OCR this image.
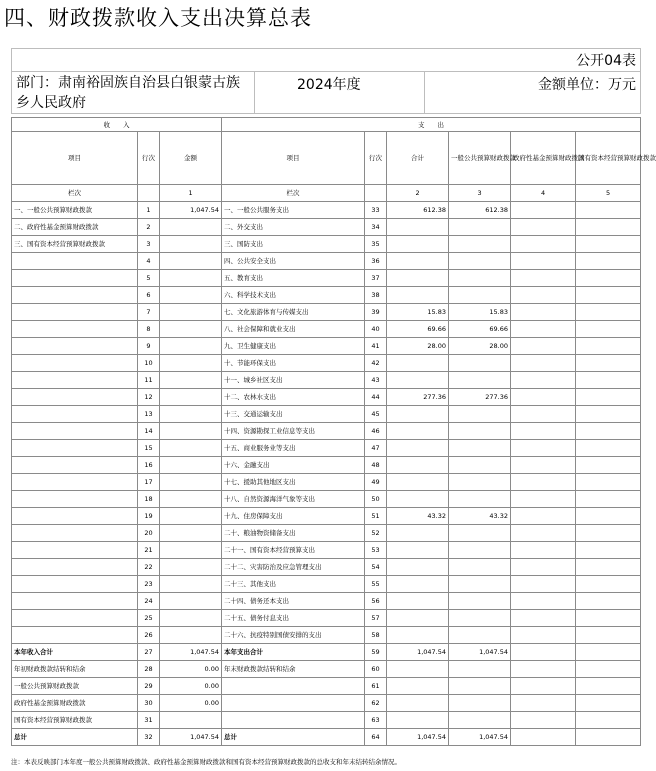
四、财政拨款收入支出决算总表
公开04表
部门：肃南裕固族自治县白银蒙古族乡人民政府
2024年度	金额单位：万元
收　　入			支　　出					
项目	行次	金额	项目	行次	合计	一般公共预算财政拨款	政府性基金预算财政拨款	国有资本经营预算财政拨款
栏次		1	栏次		2	3	4	5
一、一般公共预算财政拨款	1	1,047.54	一、一般公共服务支出	33	612.38	612.38		
二、政府性基金预算财政拨款	2		二、外交支出	34				
三、国有资本经营预算财政拨款	3		三、国防支出	35				
	4		四、公共安全支出	36				
	5		五、教育支出	37				
	6		六、科学技术支出	38				
	7		七、文化旅游体育与传媒支出	39	15.83	15.83		
	8		八、社会保障和就业支出	40	69.66	69.66		
	9		九、卫生健康支出	41	28.00	28.00		
	10		十、节能环保支出	42				
	11		十一、城乡社区支出	43				
	12		十二、农林水支出	44	277.36	277.36		
	13		十三、交通运输支出	45				
	14		十四、资源勘探工业信息等支出	46				
	15		十五、商业服务业等支出	47				
	16		十六、金融支出	48				
	17		十七、援助其他地区支出	49				
	18		十八、自然资源海洋气象等支出	50				
	19		十九、住房保障支出	51	43.32	43.32		
	20		二十、粮油物资储备支出	52				
	21		二十一、国有资本经营预算支出	53				
	22		二十二、灾害防治及应急管理支出	54				
	23		二十三、其他支出	55				
	24		二十四、债务还本支出	56				
	25		二十五、债务付息支出	57				
	26		二十六、抗疫特别国债安排的支出	58				
本年收入合计	27	1,047.54	本年支出合计	59	1,047.54	1,047.54		
年初财政拨款结转和结余	28	0.00	年末财政拨款结转和结余	60				
一般公共预算财政拨款	29	0.00		61				
政府性基金预算财政拨款	30	0.00		62				
国有资本经营预算财政拨款	31			63				
总计	32	1,047.54	总计	64	1,047.54	1,047.54		
注：本表反映部门本年度一般公共预算财政拨款、政府性基金预算财政拨款和国有资本经营预算财政拨款的总收支和年末结转结余情况。
